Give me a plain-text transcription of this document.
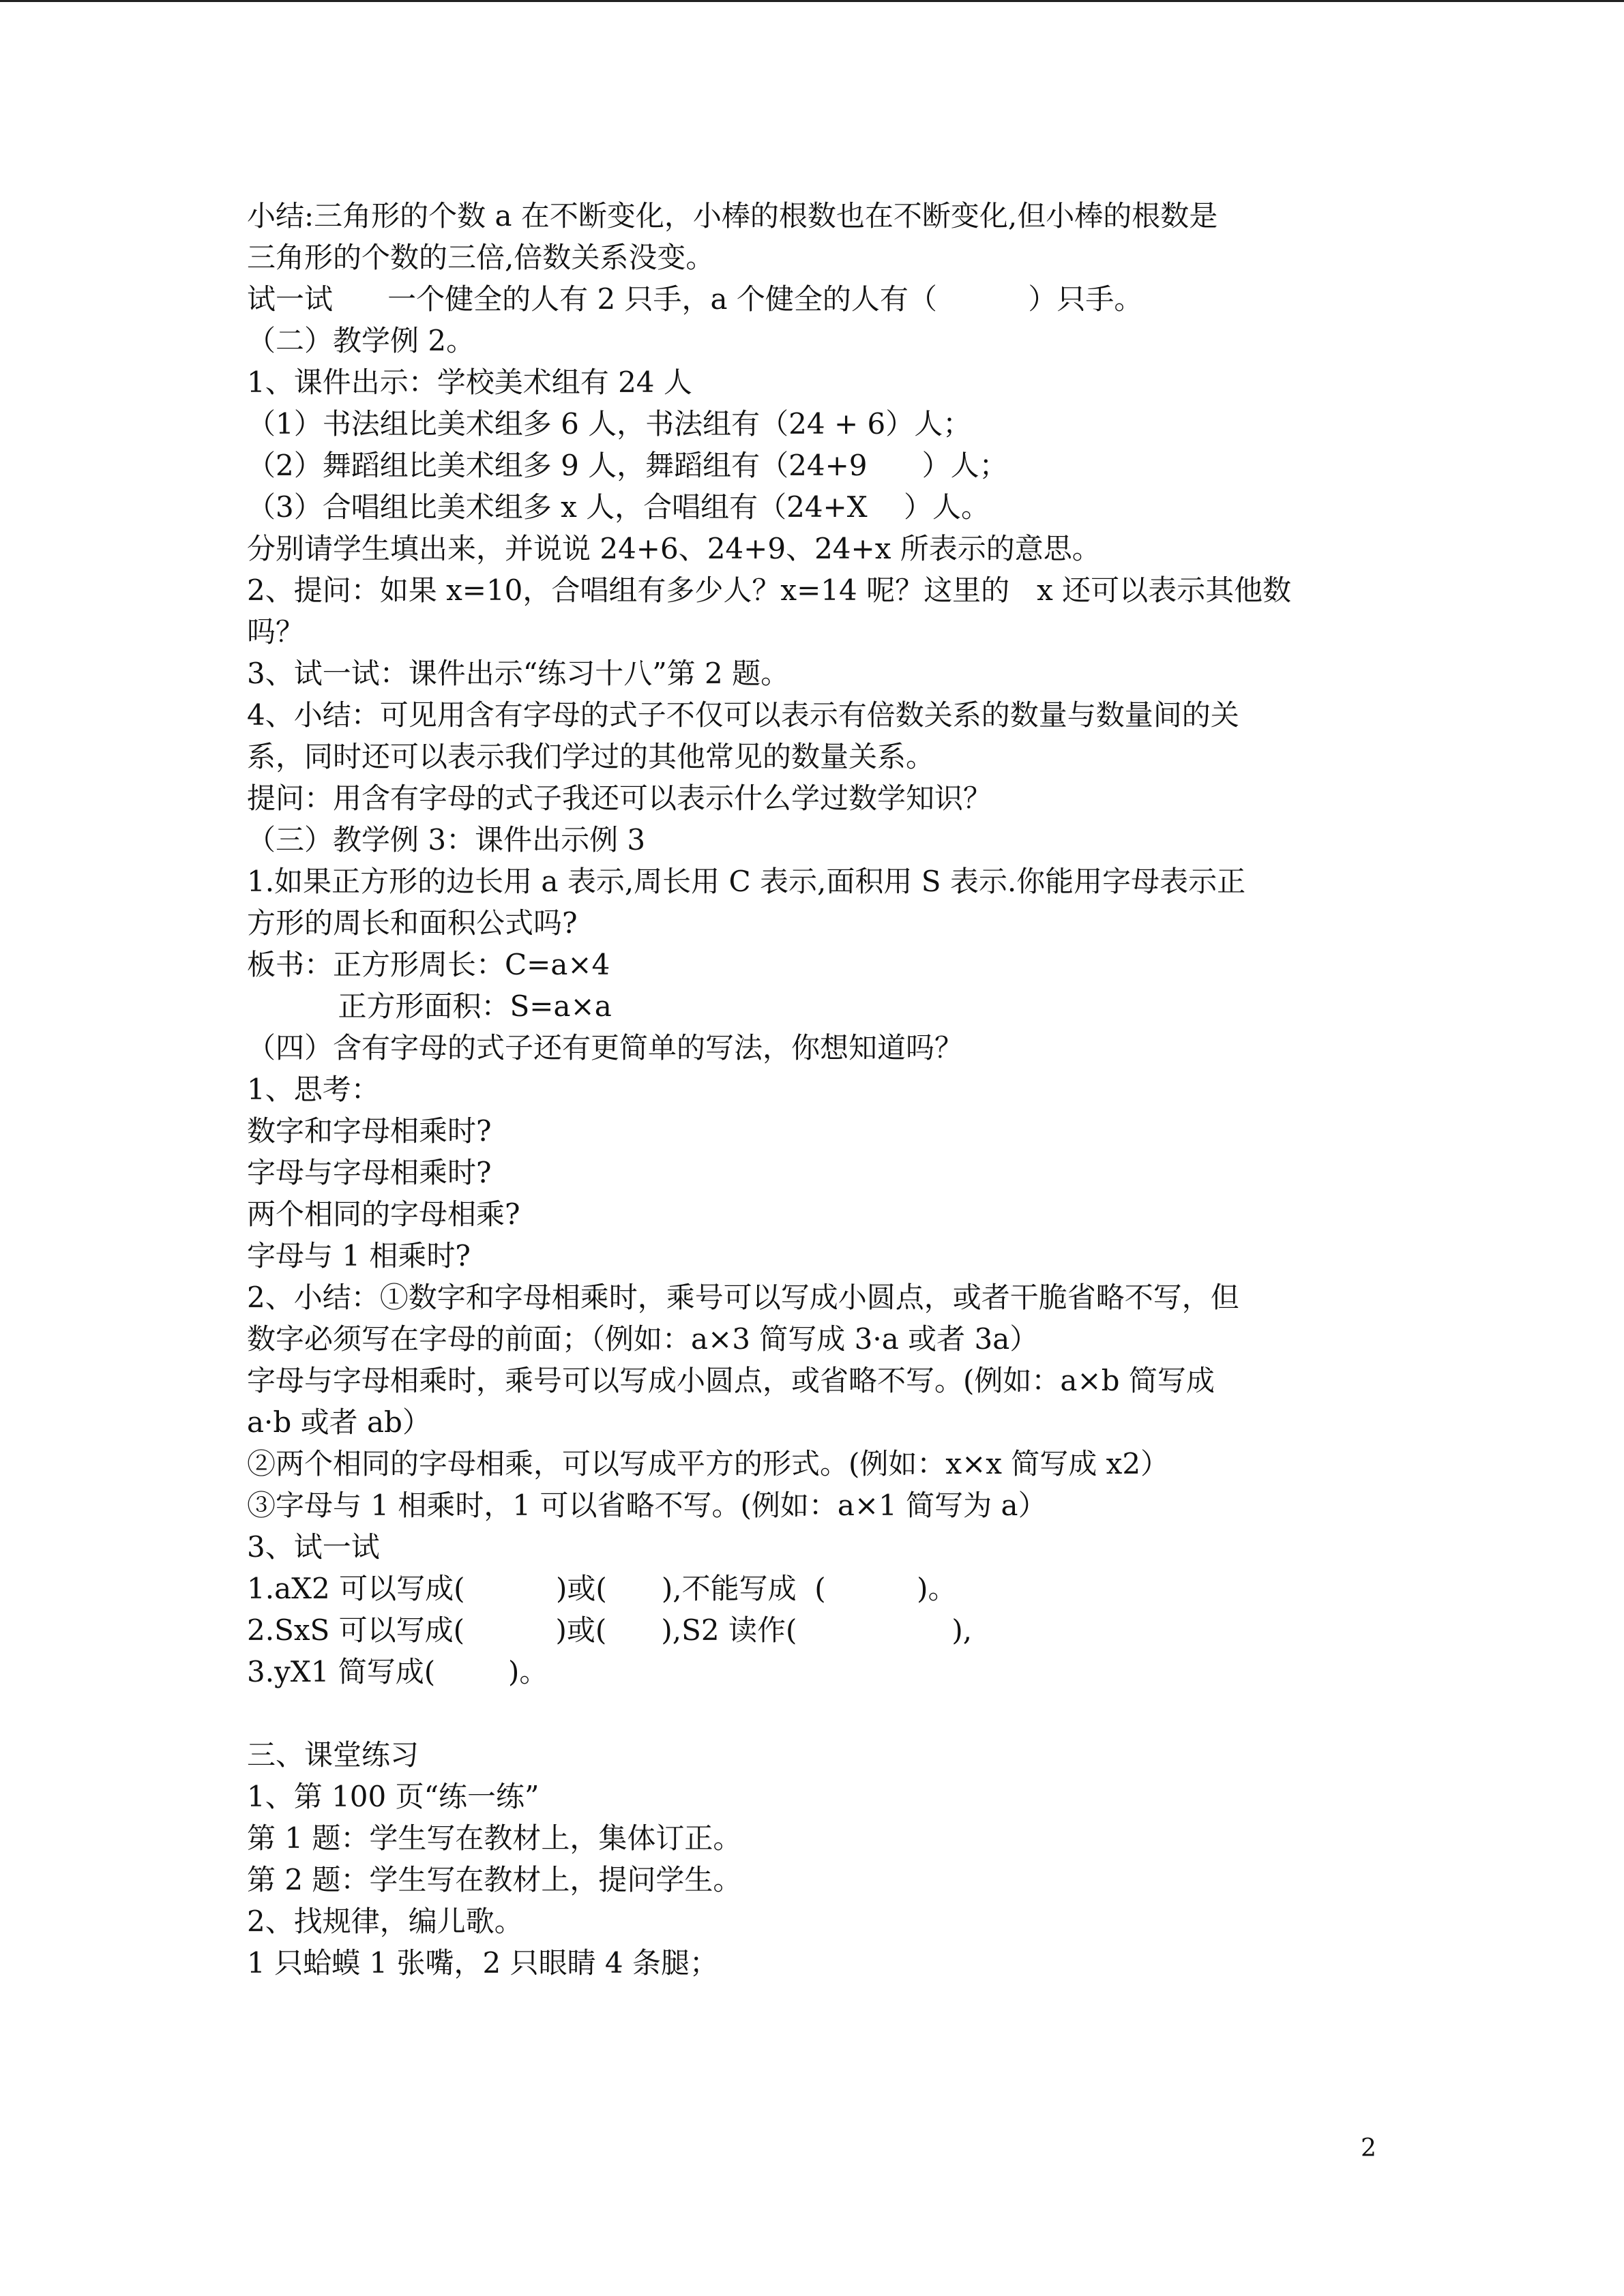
小结:三角形的个数 a 在不断变化，小棒的根数也在不断变化,但小棒的根数是
三角形的个数的三倍,倍数关系没变。
试一试      一个健全的人有 2 只手，a 个健全的人有（          ）只手。
（二）教学例 2。
1、课件出示：学校美术组有 24 人
（1）书法组比美术组多 6 人，书法组有（24 + 6）人；
（2）舞蹈组比美术组多 9 人，舞蹈组有（24+9      ）人；
（3）合唱组比美术组多 x 人，合唱组有（24+X    ）人。
分别请学生填出来，并说说 24+6、24+9、24+x 所表示的意思。
2、提问：如果 x=10，合唱组有多少人？x=14 呢？这里的   x 还可以表示其他数
吗？
3、试一试：课件出示“练习十八”第 2 题。
4、小结：可见用含有字母的式子不仅可以表示有倍数关系的数量与数量间的关
系，同时还可以表示我们学过的其他常见的数量关系。
提问：用含有字母的式子我还可以表示什么学过数学知识？
（三）教学例 3：课件出示例 3
1.如果正方形的边长用 a 表示,周长用 C 表示,面积用 S 表示.你能用字母表示正
方形的周长和面积公式吗?
板书：正方形周长：C=a×4
正方形面积：S=a×a
（四）含有字母的式子还有更简单的写法，你想知道吗？
1、思考：
数字和字母相乘时?
字母与字母相乘时?
两个相同的字母相乘?
字母与 1 相乘时?
2、小结：①数字和字母相乘时，乘号可以写成小圆点，或者干脆省略不写，但
数字必须写在字母的前面；（例如：a×3 简写成 3·a 或者 3a）
字母与字母相乘时，乘号可以写成小圆点，或省略不写。(例如：a×b 简写成
a·b 或者 ab）
②两个相同的字母相乘，可以写成平方的形式。(例如：x×x 简写成 x2）
③字母与 1 相乘时，1 可以省略不写。(例如：a×1 简写为 a）
3、试一试
1.aX2 可以写成(          )或(      ),不能写成  (          )。
2.SxS 可以写成(          )或(      ),S2 读作(                 ),
3.yX1 简写成(        )。
三、课堂练习
1、第 100 页“练一练”
第 1 题：学生写在教材上，集体订正。
第 2 题：学生写在教材上，提问学生。
2、找规律，编儿歌。
1 只蛤蟆 1 张嘴，2 只眼睛 4 条腿；
2
